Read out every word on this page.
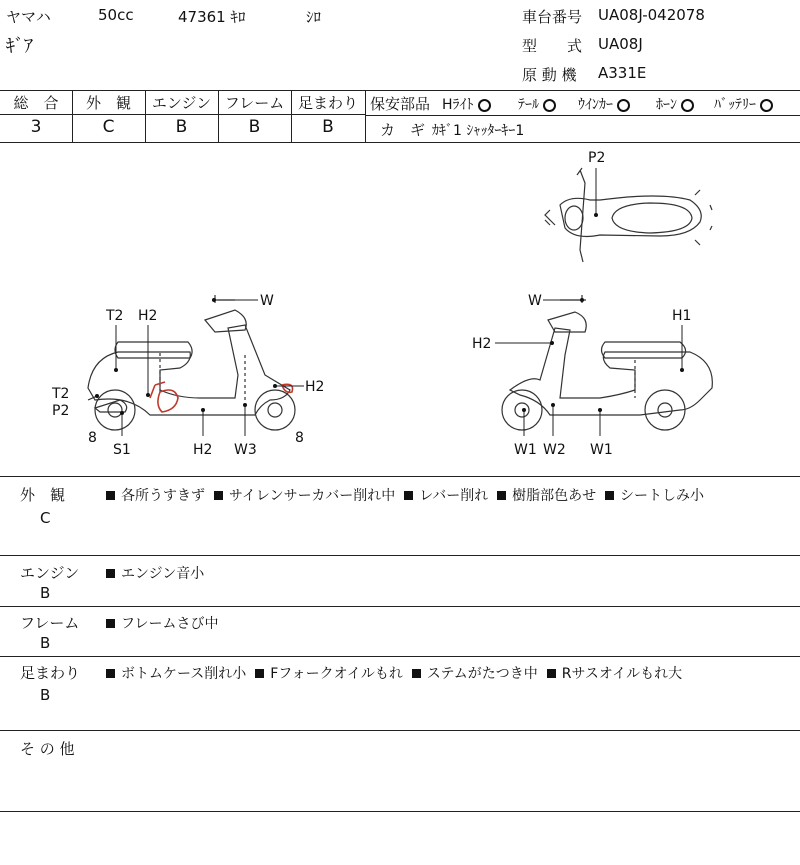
ヤマハ	50cc	47361 ｷﾛ	ｼﾛ
ｷﾞｱ
車台番号 UA08J-042078
型　　式 UA08J
原 動 機 A331E
総　合	外　観	エンジン フレーム 足まわり
3	C	B	B	B
保安部品 Hﾗｲﾄ	ﾃｰﾙ	ｳｲﾝｶｰ	ﾎｰﾝ	ﾊﾞｯﾃﾘｰ
カ　ギ ｶｷﾞ1 ｼｬｯﾀｰｷｰ1
P2
W
T2 H2
H2
T2
P2
8
S1	H2 W3
8
W
H1
H2
W1 W2 W1
外　観
C
各所うすきず サイレンサーカバー削れ中 レバー削れ 樹脂部色あせ シートしみ小
エンジン
B
エンジン音小
フレーム
B
フレームさび中
足まわり
B
ボトムケース削れ小 Fフォークオイルもれ ステムがたつき中 Rサスオイルもれ大
そ の 他
